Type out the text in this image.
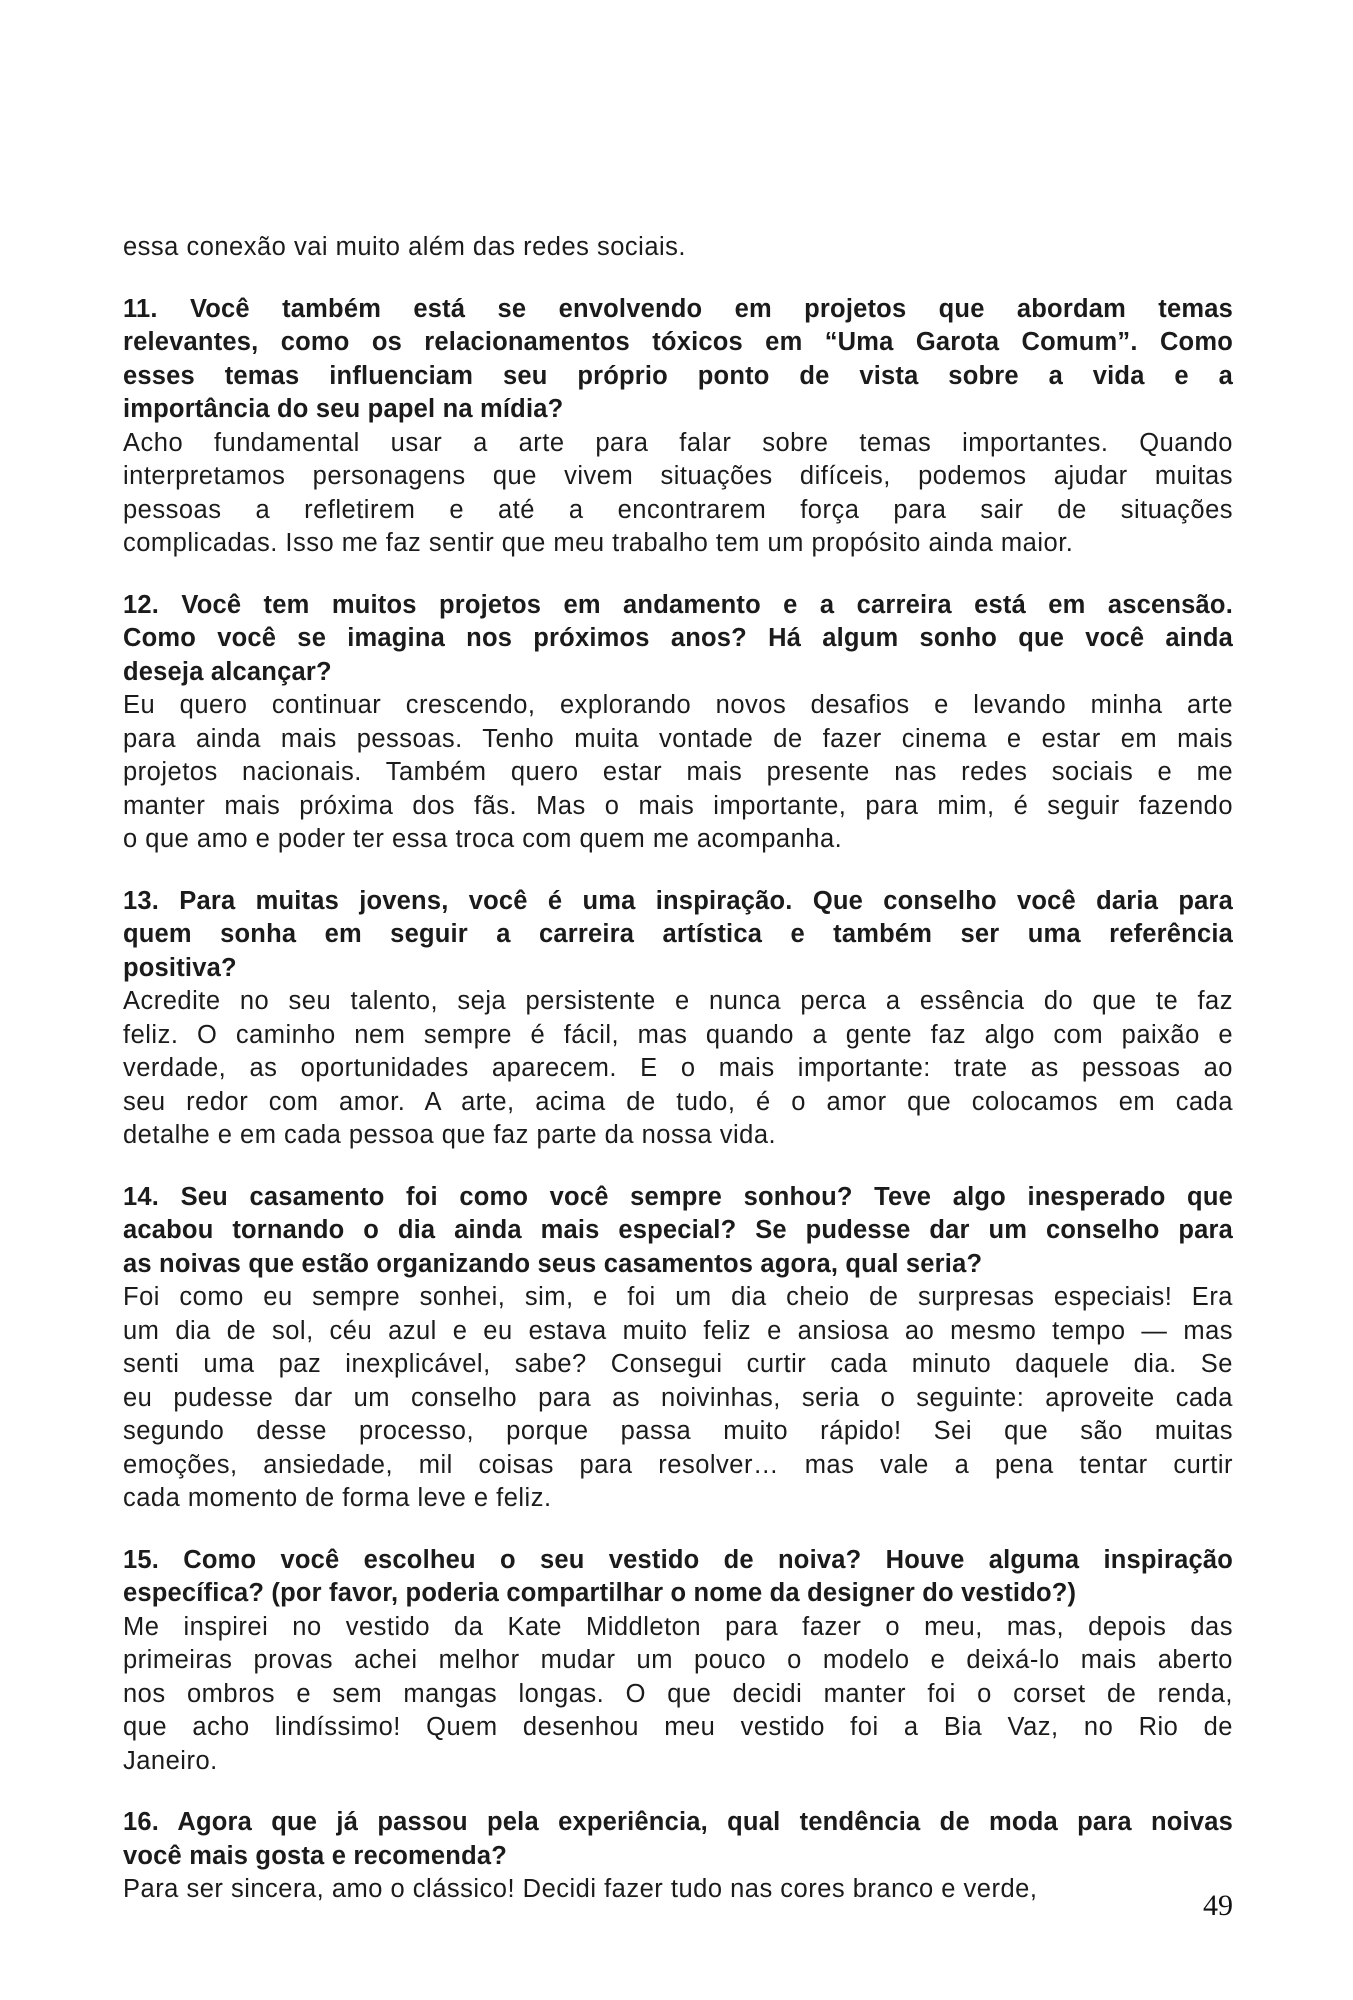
essa conexão vai muito além das redes sociais.
11. Você também está se envolvendo em projetos que abordam temas
relevantes, como os relacionamentos tóxicos em “Uma Garota Comum”. Como
esses temas influenciam seu próprio ponto de vista sobre a vida e a
importância do seu papel na mídia?
Acho fundamental usar a arte para falar sobre temas importantes. Quando
interpretamos personagens que vivem situações difíceis, podemos ajudar muitas
pessoas a refletirem e até a encontrarem força para sair de situações
complicadas. Isso me faz sentir que meu trabalho tem um propósito ainda maior.
12. Você tem muitos projetos em andamento e a carreira está em ascensão.
Como você se imagina nos próximos anos? Há algum sonho que você ainda
deseja alcançar?
Eu quero continuar crescendo, explorando novos desafios e levando minha arte
para ainda mais pessoas. Tenho muita vontade de fazer cinema e estar em mais
projetos nacionais. Também quero estar mais presente nas redes sociais e me
manter mais próxima dos fãs. Mas o mais importante, para mim, é seguir fazendo
o que amo e poder ter essa troca com quem me acompanha.
13. Para muitas jovens, você é uma inspiração. Que conselho você daria para
quem sonha em seguir a carreira artística e também ser uma referência
positiva?
Acredite no seu talento, seja persistente e nunca perca a essência do que te faz
feliz. O caminho nem sempre é fácil, mas quando a gente faz algo com paixão e
verdade, as oportunidades aparecem. E o mais importante: trate as pessoas ao
seu redor com amor. A arte, acima de tudo, é o amor que colocamos em cada
detalhe e em cada pessoa que faz parte da nossa vida.
14. Seu casamento foi como você sempre sonhou? Teve algo inesperado que
acabou tornando o dia ainda mais especial? Se pudesse dar um conselho para
as noivas que estão organizando seus casamentos agora, qual seria?
Foi como eu sempre sonhei, sim, e foi um dia cheio de surpresas especiais! Era
um dia de sol, céu azul e eu estava muito feliz e ansiosa ao mesmo tempo — mas
senti uma paz inexplicável, sabe? Consegui curtir cada minuto daquele dia. Se
eu pudesse dar um conselho para as noivinhas, seria o seguinte: aproveite cada
segundo desse processo, porque passa muito rápido! Sei que são muitas
emoções, ansiedade, mil coisas para resolver… mas vale a pena tentar curtir
cada momento de forma leve e feliz.
15. Como você escolheu o seu vestido de noiva? Houve alguma inspiração
específica? (por favor, poderia compartilhar o nome da designer do vestido?)
Me inspirei no vestido da Kate Middleton para fazer o meu, mas, depois das
primeiras provas achei melhor mudar um pouco o modelo e deixá-lo mais aberto
nos ombros e sem mangas longas. O que decidi manter foi o corset de renda,
que acho lindíssimo! Quem desenhou meu vestido foi a Bia Vaz, no Rio de
Janeiro.
16. Agora que já passou pela experiência, qual tendência de moda para noivas
você mais gosta e recomenda?
Para ser sincera, amo o clássico! Decidi fazer tudo nas cores branco e verde,	49
